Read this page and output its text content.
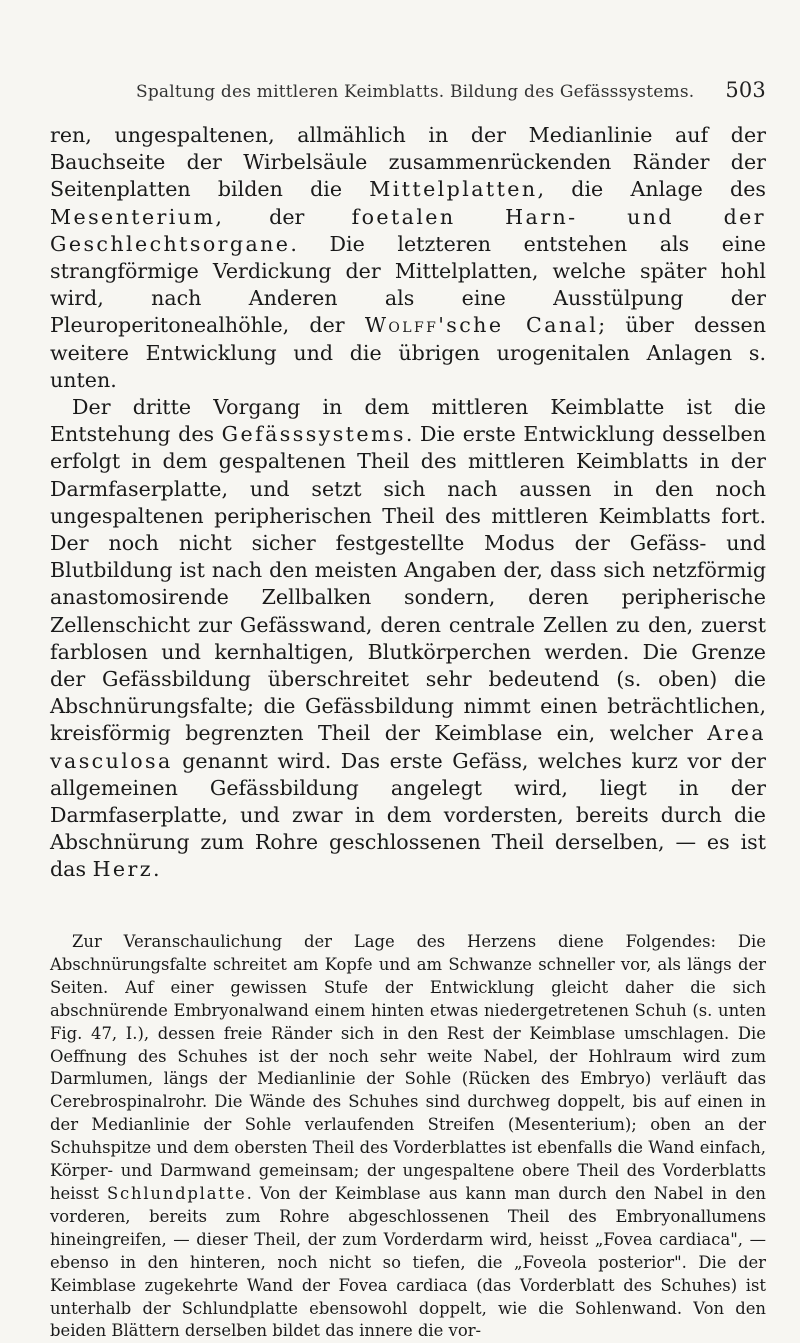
Spaltung des mittleren Keimblatts. Bildung des Gefässsystems. 503

ren, ungespaltenen, allmählich in der Medianlinie auf der Bauchseite der Wirbelsäule zusammenrückenden Ränder der Seitenplatten bilden die Mittelplatten, die Anlage des Mesenterium, der foetalen Harn- und der Geschlechtsorgane. Die letzteren entstehen als eine strangförmige Verdickung der Mittelplatten, welche später hohl wird, nach Anderen als eine Ausstülpung der Pleuroperitonealhöhle, der Wolff'sche Canal; über dessen weitere Entwicklung und die übrigen urogenitalen Anlagen s. unten.

Der dritte Vorgang in dem mittleren Keimblatte ist die Entstehung des Gefässsystems. Die erste Entwicklung desselben erfolgt in dem gespaltenen Theil des mittleren Keimblatts in der Darmfaserplatte, und setzt sich nach aussen in den noch ungespaltenen peripherischen Theil des mittleren Keimblatts fort. Der noch nicht sicher festgestellte Modus der Gefäss- und Blutbildung ist nach den meisten Angaben der, dass sich netzförmig anastomosirende Zellbalken sondern, deren peripherische Zellenschicht zur Gefässwand, deren centrale Zellen zu den, zuerst farblosen und kernhaltigen, Blutkörperchen werden. Die Grenze der Gefässbildung überschreitet sehr bedeutend (s. oben) die Abschnürungsfalte; die Gefässbildung nimmt einen beträchtlichen, kreisförmig begrenzten Theil der Keimblase ein, welcher Area vasculosa genannt wird. Das erste Gefäss, welches kurz vor der allgemeinen Gefässbildung angelegt wird, liegt in der Darmfaserplatte, und zwar in dem vordersten, bereits durch die Abschnürung zum Rohre geschlossenen Theil derselben, — es ist das Herz.

Zur Veranschaulichung der Lage des Herzens diene Folgendes: Die Abschnürungsfalte schreitet am Kopfe und am Schwanze schneller vor, als längs der Seiten. Auf einer gewissen Stufe der Entwicklung gleicht daher die sich abschnürende Embryonalwand einem hinten etwas niedergetretenen Schuh (s. unten Fig. 47, I.), dessen freie Ränder sich in den Rest der Keimblase umschlagen. Die Oeffnung des Schuhes ist der noch sehr weite Nabel, der Hohlraum wird zum Darmlumen, längs der Medianlinie der Sohle (Rücken des Embryo) verläuft das Cerebrospinalrohr. Die Wände des Schuhes sind durchweg doppelt, bis auf einen in der Medianlinie der Sohle verlaufenden Streifen (Mesenterium); oben an der Schuhspitze und dem obersten Theil des Vorderblattes ist ebenfalls die Wand einfach, Körper- und Darmwand gemeinsam; der ungespaltene obere Theil des Vorderblatts heisst Schlundplatte. Von der Keimblase aus kann man durch den Nabel in den vorderen, bereits zum Rohre abgeschlossenen Theil des Embryonallumens hineingreifen, — dieser Theil, der zum Vorderdarm wird, heisst „Fovea cardiaca", — ebenso in den hinteren, noch nicht so tiefen, die „Foveola posterior". Die der Keimblase zugekehrte Wand der Fovea cardiaca (das Vorderblatt des Schuhes) ist unterhalb der Schlundplatte ebensowohl doppelt, wie die Sohlenwand. Von den beiden Blättern derselben bildet das innere die vor-
